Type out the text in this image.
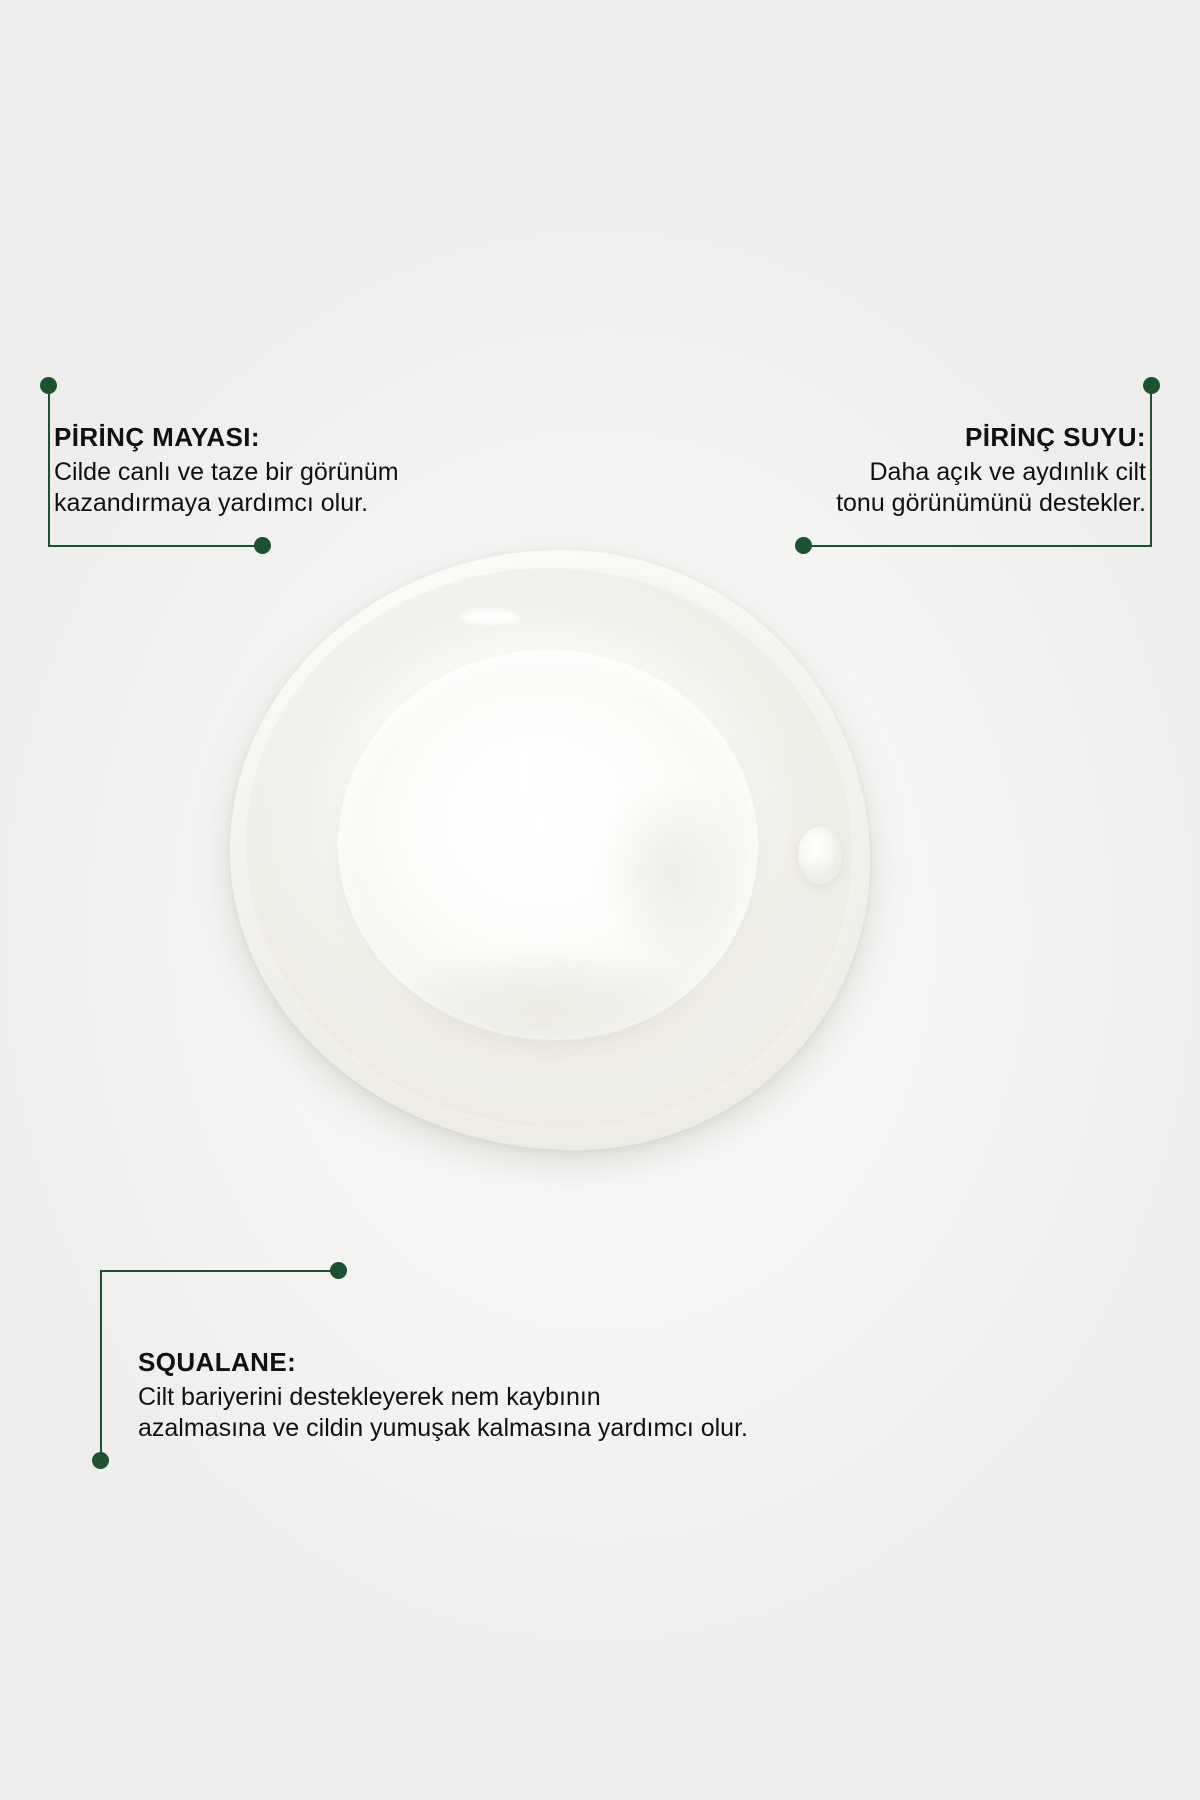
PİRİNÇ MAYASI:

Cilde canlı ve taze bir görünüm

kazandırmaya yardımcı olur.

PİRİNÇ SUYU:

Daha açık ve aydınlık cilt

tonu görünümünü destekler.

SQUALANE:

Cilt bariyerini destekleyerek nem kaybının

azalmasına ve cildin yumuşak kalmasına yardımcı olur.
